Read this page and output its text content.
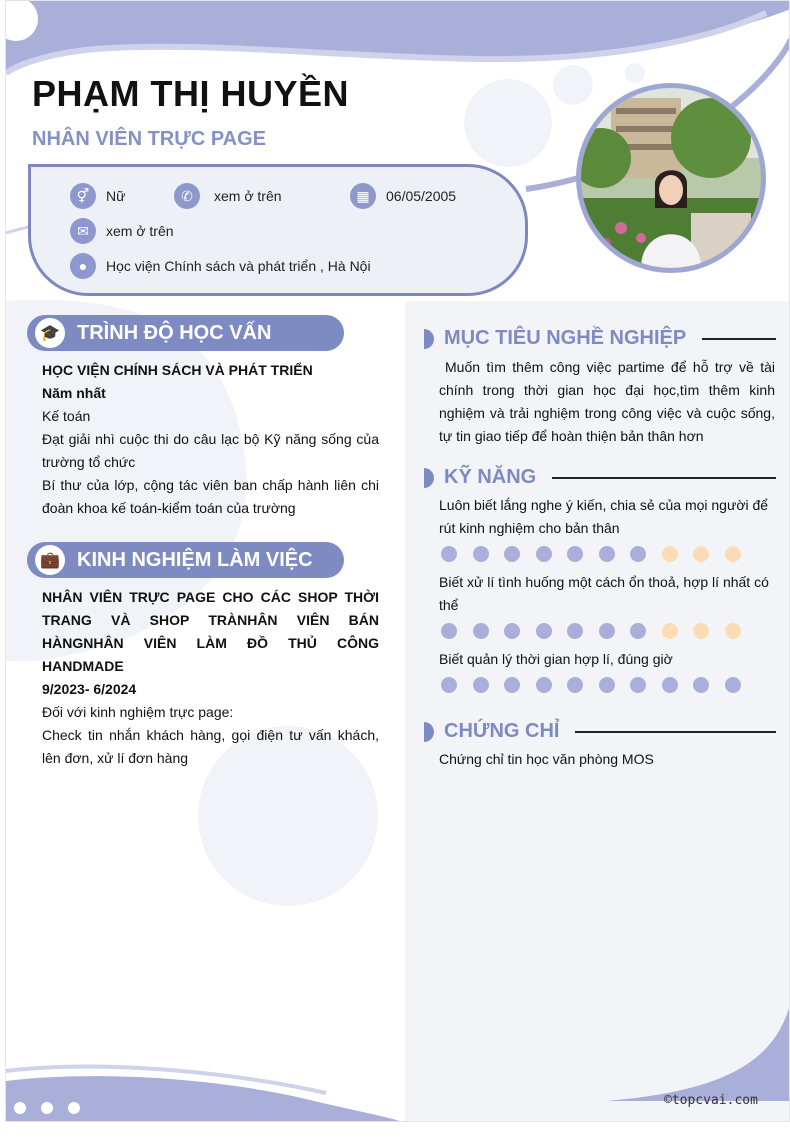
PHẠM THỊ HUYỀN
NHÂN VIÊN TRỰC PAGE
⚥	Nữ	✆	xem ở trên	▦	06/05/2005
✉	xem ở trên
●	Học viện Chính sách và phát triển , Hà Nội
🎓 TRÌNH ĐỘ HỌC VẤN
HỌC VIỆN CHÍNH SÁCH VÀ PHÁT TRIỂN
Năm nhất
Kế toán
Đạt giải nhì cuộc thi do câu lạc bộ Kỹ năng sống của trường tổ chức
Bí thư của lớp, cộng tác viên ban chấp hành liên chi đoàn khoa kế toán-kiểm toán của trường
💼 KINH NGHIỆM LÀM VIỆC
NHÂN VIÊN TRỰC PAGE CHO CÁC SHOP THỜI TRANG VÀ SHOP TRÀNHÂN VIÊN BÁN HÀNGNHÂN VIÊN LÀM ĐỒ THỦ CÔNG HANDMADE
9/2023- 6/2024
Đối với kinh nghiệm trực page:
Check tin nhắn khách hàng, gọi điện tư vấn khách, lên đơn, xử lí đơn hàng
MỤC TIÊU NGHỀ NGHIỆP
Muốn tìm thêm công việc partime để hỗ trợ về tài chính trong thời gian học đại học,tìm thêm kinh nghiệm và trải nghiệm trong công việc và cuộc sống, tự tin giao tiếp để hoàn thiện bản thân hơn
KỸ NĂNG
Luôn biết lắng nghe ý kiến, chia sẻ của mọi người để rút kinh nghiệm cho bản thân
Biết xử lí tình huống một cách ổn thoả, hợp lí nhất có thể
Biết quản lý thời gian hợp lí, đúng giờ
CHỨNG CHỈ
Chứng chỉ tin học văn phòng MOS
©topcvai.com
